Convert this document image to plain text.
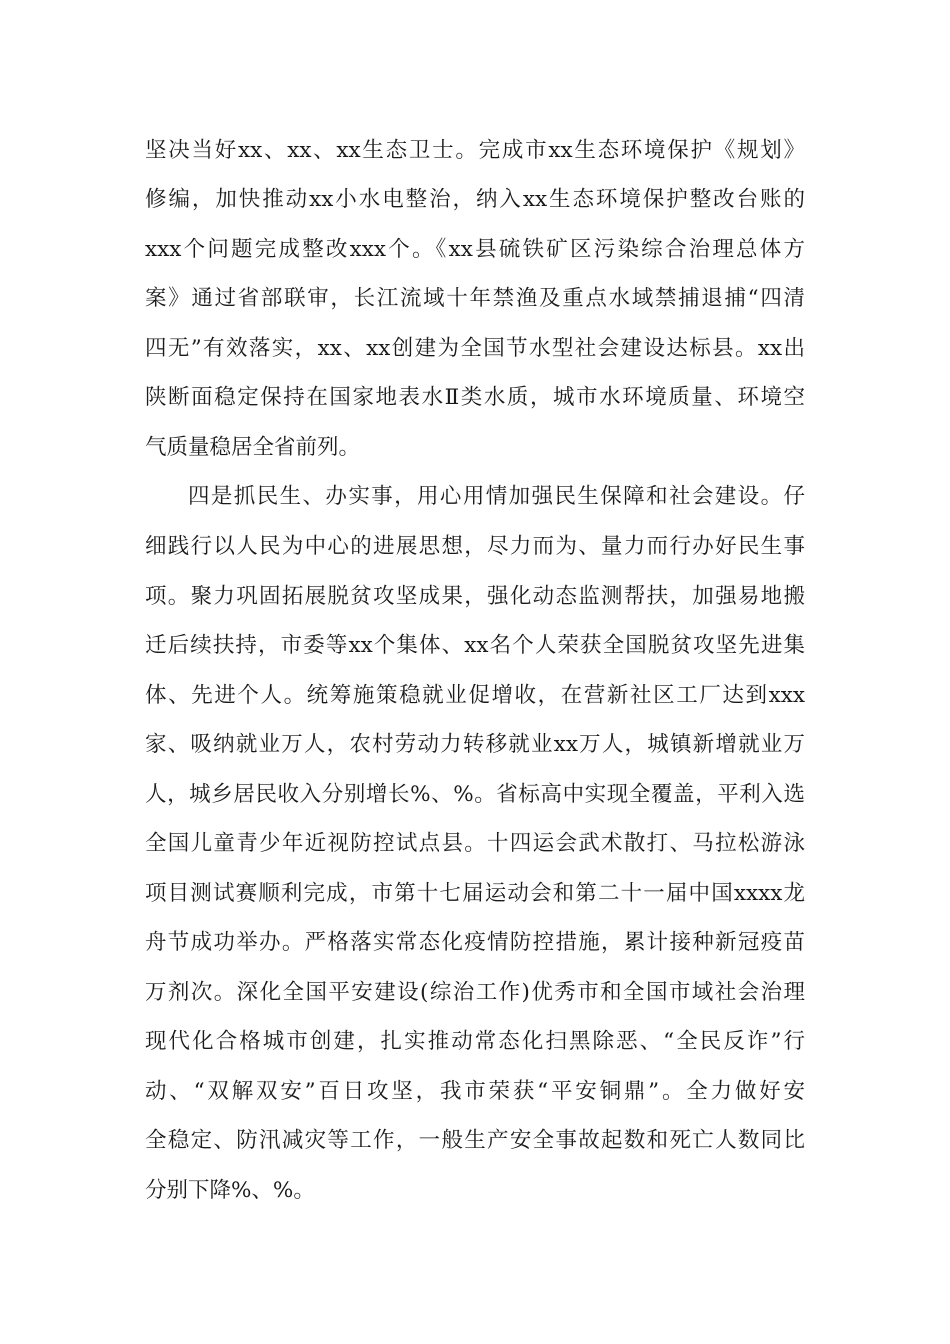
坚决当好xx、xx、xx生态卫士。完成市xx生态环境保护《规划》
修编，加快推动xx小水电整治，纳入xx生态环境保护整改台账的
xxx个问题完成整改xxx个。《xx县硫铁矿区污染综合治理总体方
案》通过省部联审，长江流域十年禁渔及重点水域禁捕退捕“四清
四无”有效落实，xx、xx创建为全国节水型社会建设达标县。xx出
陕断面稳定保持在国家地表水Ⅱ类水质，城市水环境质量、环境空
气质量稳居全省前列。
四是抓民生、办实事，用心用情加强民生保障和社会建设。仔
细践行以人民为中心的进展思想，尽力而为、量力而行办好民生事
项。聚力巩固拓展脱贫攻坚成果，强化动态监测帮扶，加强易地搬
迁后续扶持，市委等xx个集体、xx名个人荣获全国脱贫攻坚先进集
体、先进个人。统筹施策稳就业促增收，在营新社区工厂达到xxx
家、吸纳就业万人，农村劳动力转移就业xx万人，城镇新增就业万
人，城乡居民收入分别增长%、%。省标高中实现全覆盖，平利入选
全国儿童青少年近视防控试点县。十四运会武术散打、马拉松游泳
项目测试赛顺利完成，市第十七届运动会和第二十一届中国xxxx龙
舟节成功举办。严格落实常态化疫情防控措施，累计接种新冠疫苗
万剂次。深化全国平安建设(综治工作)优秀市和全国市域社会治理
现代化合格城市创建，扎实推动常态化扫黑除恶、“全民反诈”行
动、“双解双安”百日攻坚，我市荣获“平安铜鼎”。全力做好安
全稳定、防汛减灾等工作，一般生产安全事故起数和死亡人数同比
分别下降%、%。
